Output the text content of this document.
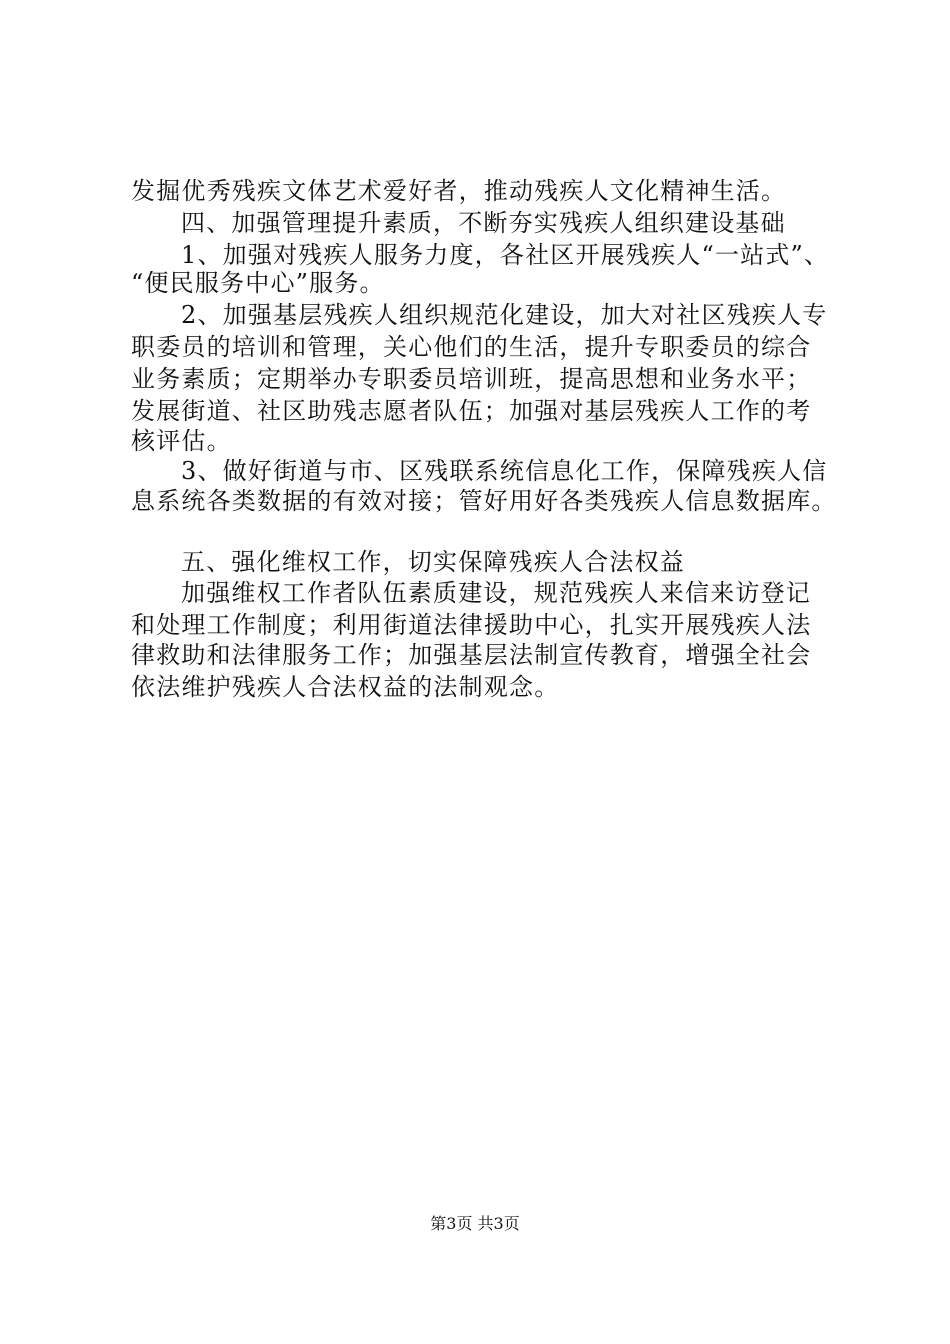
发掘优秀残疾文体艺术爱好者，推动残疾人文化精神生活。
四、加强管理提升素质，不断夯实残疾人组织建设基础
1、加强对残疾人服务力度，各社区开展残疾人“一站式”、
“便民服务中心”服务。
2、加强基层残疾人组织规范化建设，加大对社区残疾人专
职委员的培训和管理，关心他们的生活，提升专职委员的综合
业务素质；定期举办专职委员培训班，提高思想和业务水平；
发展街道、社区助残志愿者队伍；加强对基层残疾人工作的考
核评估。
3、做好街道与市、区残联系统信息化工作，保障残疾人信
息系统各类数据的有效对接；管好用好各类残疾人信息数据库。
五、强化维权工作，切实保障残疾人合法权益
加强维权工作者队伍素质建设，规范残疾人来信来访登记
和处理工作制度；利用街道法律援助中心，扎实开展残疾人法
律救助和法律服务工作；加强基层法制宣传教育，增强全社会
依法维护残疾人合法权益的法制观念。
第3页 共3页
